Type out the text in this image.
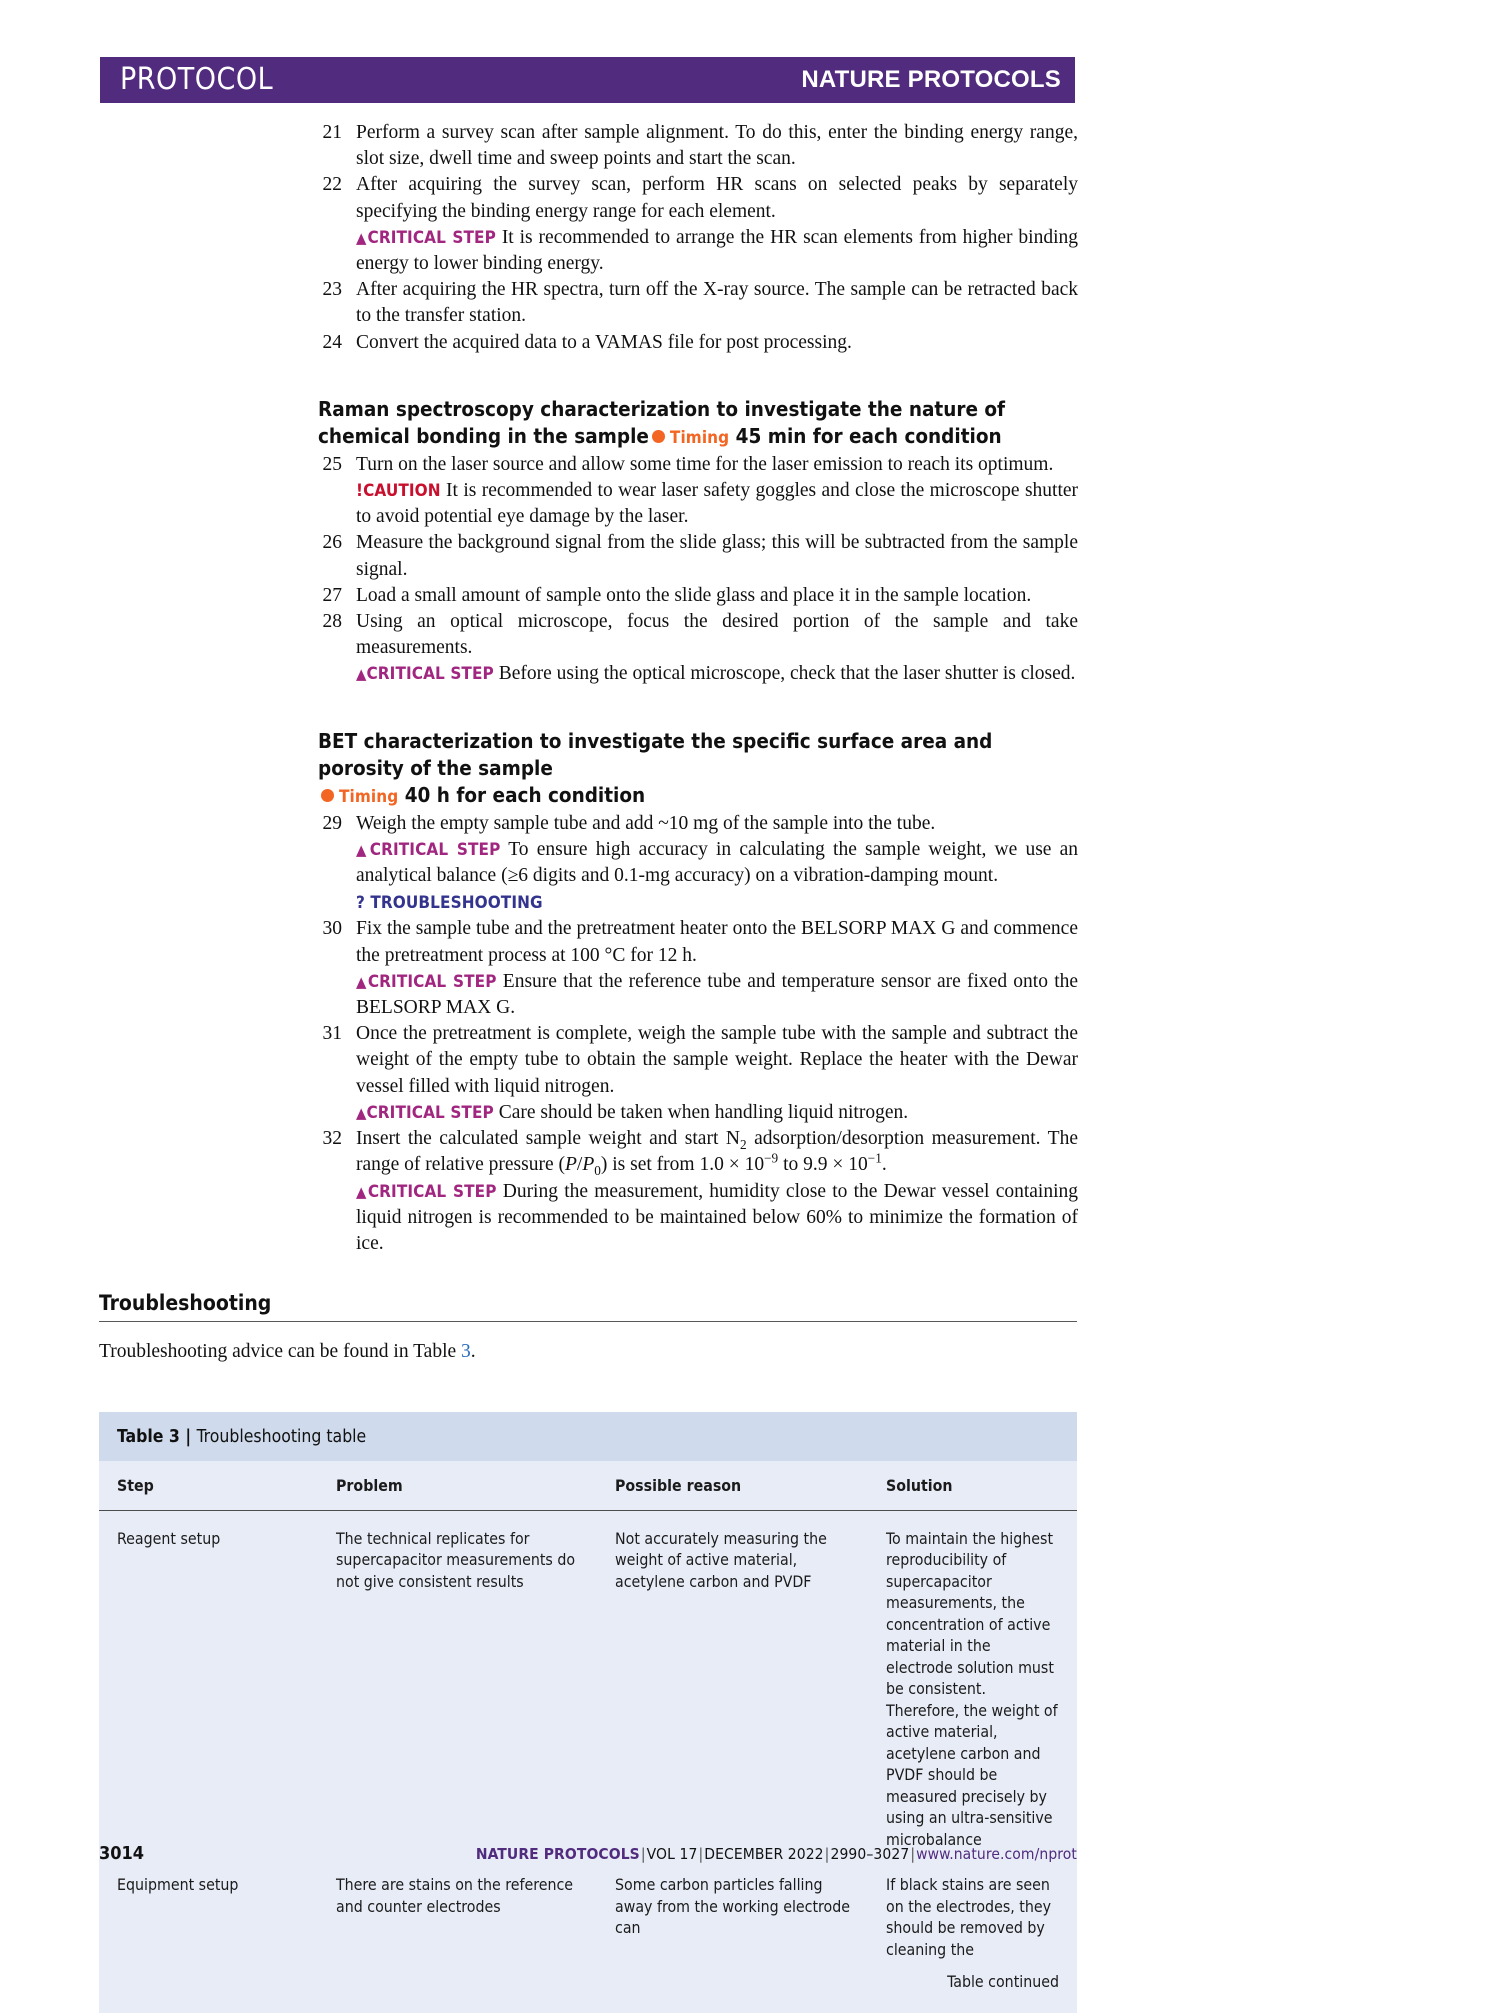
PROTOCOL	NATURE PROTOCOLS
21 Perform a survey scan after sample alignment. To do this, enter the binding energy range, slot size, dwell time and sweep points and start the scan.
22 After acquiring the survey scan, perform HR scans on selected peaks by separately specifying the binding energy range for each element.
▲CRITICAL STEP It is recommended to arrange the HR scan elements from higher binding energy to lower binding energy.
23 After acquiring the HR spectra, turn off the X-ray source. The sample can be retracted back to the transfer station.
24 Convert the acquired data to a VAMAS file for post processing.
Raman spectroscopy characterization to investigate the nature of chemical bonding in the sample Timing 45 min for each condition
25 Turn on the laser source and allow some time for the laser emission to reach its optimum.
!CAUTION It is recommended to wear laser safety goggles and close the microscope shutter to avoid potential eye damage by the laser.
26 Measure the background signal from the slide glass; this will be subtracted from the sample signal.
27 Load a small amount of sample onto the slide glass and place it in the sample location.
28 Using an optical microscope, focus the desired portion of the sample and take measurements.
▲CRITICAL STEP Before using the optical microscope, check that the laser shutter is closed.
BET characterization to investigate the specific surface area and porosity of the sample
Timing 40 h for each condition
29 Weigh the empty sample tube and add ~10 mg of the sample into the tube.
▲CRITICAL STEP To ensure high accuracy in calculating the sample weight, we use an analytical balance (≥6 digits and 0.1-mg accuracy) on a vibration-damping mount.
? TROUBLESHOOTING
30 Fix the sample tube and the pretreatment heater onto the BELSORP MAX G and commence the pretreatment process at 100 °C for 12 h.
▲CRITICAL STEP Ensure that the reference tube and temperature sensor are fixed onto the BELSORP MAX G.
31 Once the pretreatment is complete, weigh the sample tube with the sample and subtract the weight of the empty tube to obtain the sample weight. Replace the heater with the Dewar vessel filled with liquid nitrogen.
▲CRITICAL STEP Care should be taken when handling liquid nitrogen.
32 Insert the calculated sample weight and start $N_2$ adsorption/desorption measurement. The range of relative pressure $(P/P_0)$ is set from $1.0 \times 10^{-9}$ to $9.9 \times 10^{-1}$.
▲CRITICAL STEP During the measurement, humidity close to the Dewar vessel containing liquid nitrogen is recommended to be maintained below 60% to minimize the formation of ice.
Troubleshooting
Troubleshooting advice can be found in Table 3.
Table 3 | Troubleshooting table
Step	Problem	Possible reason	Solution
Reagent setup	The technical replicates for supercapacitor measurements do not give consistent results	Not accurately measuring the weight of active material, acetylene carbon and PVDF	To maintain the highest reproducibility of supercapacitor measurements, the concentration of active material in the electrode solution must be consistent. Therefore, the weight of active material, acetylene carbon and PVDF should be measured precisely by using an ultra-sensitive microbalance
Equipment setup	There are stains on the reference and counter electrodes	Some carbon particles falling away from the working electrode can	If black stains are seen on the electrodes, they should be removed by cleaning the
Table continued
3014	NATURE PROTOCOLS|VOL 17|DECEMBER 2022|2990–3027|www.nature.com/nprot
